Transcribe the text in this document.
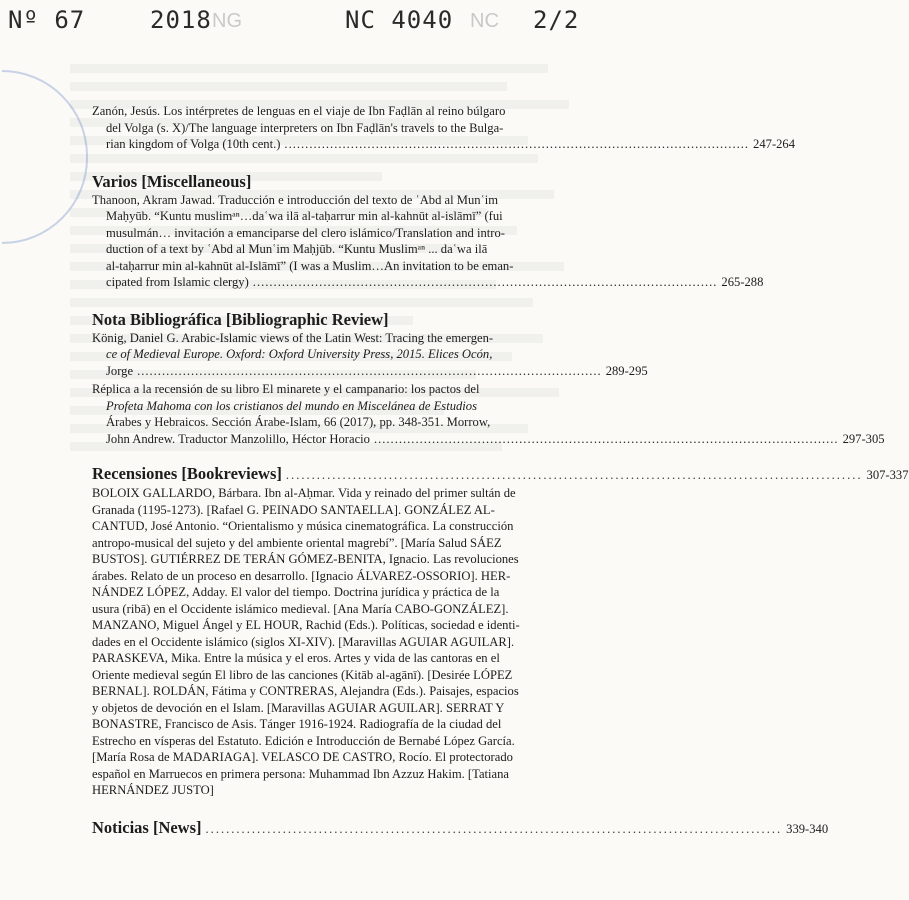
Nº 67	2018 NG	NC 4040 NC 2/2
Zanón, Jesús. Los intérpretes de lenguas en el viaje de Ibn Faḍlān al reino búlgaro
del Volga (s. X)/The language interpreters on Ibn Faḍlān's travels to the Bulga-
rian kingdom of Volga (10th cent.) ................................................................................................................ 247-264
Varios [Miscellaneous]
Thanoon, Akram Jawad. Traducción e introducción del texto de ʿAbd al Munʿim
Maḥyūb. “Kuntu muslimᵃⁿ…daʿwa ilā al-taḥarrur min al-kahnūt al-islāmī” (fui
musulmán… invitación a emanciparse del clero islámico/Translation and intro-
duction of a text by ʿAbd al Munʿim Maḥjūb. “Kuntu Muslimᵃⁿ ... daʿwa ilā
al-taḥarrur min al-kahnūt al-Islāmī” (I was a Muslim…An invitation to be eman-
cipated from Islamic clergy) ................................................................................................................ 265-288
Nota Bibliográfica [Bibliographic Review]
König, Daniel G. Arabic-Islamic views of the Latin West: Tracing the emergen-
ce of Medieval Europe. Oxford: Oxford University Press, 2015. Elices Ocón,
Jorge ................................................................................................................ 289-295
Réplica a la recensión de su libro El minarete y el campanario: los pactos del
Profeta Mahoma con los cristianos del mundo en Miscelánea de Estudios
Árabes y Hebraicos. Sección Árabe-Islam, 66 (2017), pp. 348-351. Morrow,
John Andrew. Traductor Manzolillo, Héctor Horacio ................................................................................................................ 297-305
Recensiones [Bookreviews] ................................................................................................................ 307-337
BOLOIX GALLARDO, Bárbara. Ibn al-Aḥmar. Vida y reinado del primer sultán de
Granada (1195-1273). [Rafael G. PEINADO SANTAELLA]. GONZÁLEZ AL-
CANTUD, José Antonio. “Orientalismo y música cinematográfica. La construcción
antropo-musical del sujeto y del ambiente oriental magrebí”. [María Salud SÁEZ
BUSTOS]. GUTIÉRREZ DE TERÁN GÓMEZ-BENITA, Ignacio. Las revoluciones
árabes. Relato de un proceso en desarrollo. [Ignacio ÁLVAREZ-OSSORIO]. HER-
NÁNDEZ LÓPEZ, Adday. El valor del tiempo. Doctrina jurídica y práctica de la
usura (ribā) en el Occidente islámico medieval. [Ana María CABO-GONZÁLEZ].
MANZANO, Miguel Ángel y EL HOUR, Rachid (Eds.). Políticas, sociedad e identi-
dades en el Occidente islámico (siglos XI-XIV). [Maravillas AGUIAR AGUILAR].
PARASKEVA, Mika. Entre la música y el eros. Artes y vida de las cantoras en el
Oriente medieval según El libro de las canciones (Kitāb al-agānī). [Desirée LÓPEZ
BERNAL]. ROLDÁN, Fátima y CONTRERAS, Alejandra (Eds.). Paisajes, espacios
y objetos de devoción en el Islam. [Maravillas AGUIAR AGUILAR]. SERRAT Y
BONASTRE, Francisco de Asis. Tánger 1916-1924. Radiografía de la ciudad del
Estrecho en vísperas del Estatuto. Edición e Introducción de Bernabé López García.
[María Rosa de MADARIAGA]. VELASCO DE CASTRO, Rocío. El protectorado
español en Marruecos en primera persona: Muhammad Ibn Azzuz Hakim. [Tatiana
HERNÁNDEZ JUSTO]
Noticias [News] ................................................................................................................ 339-340
